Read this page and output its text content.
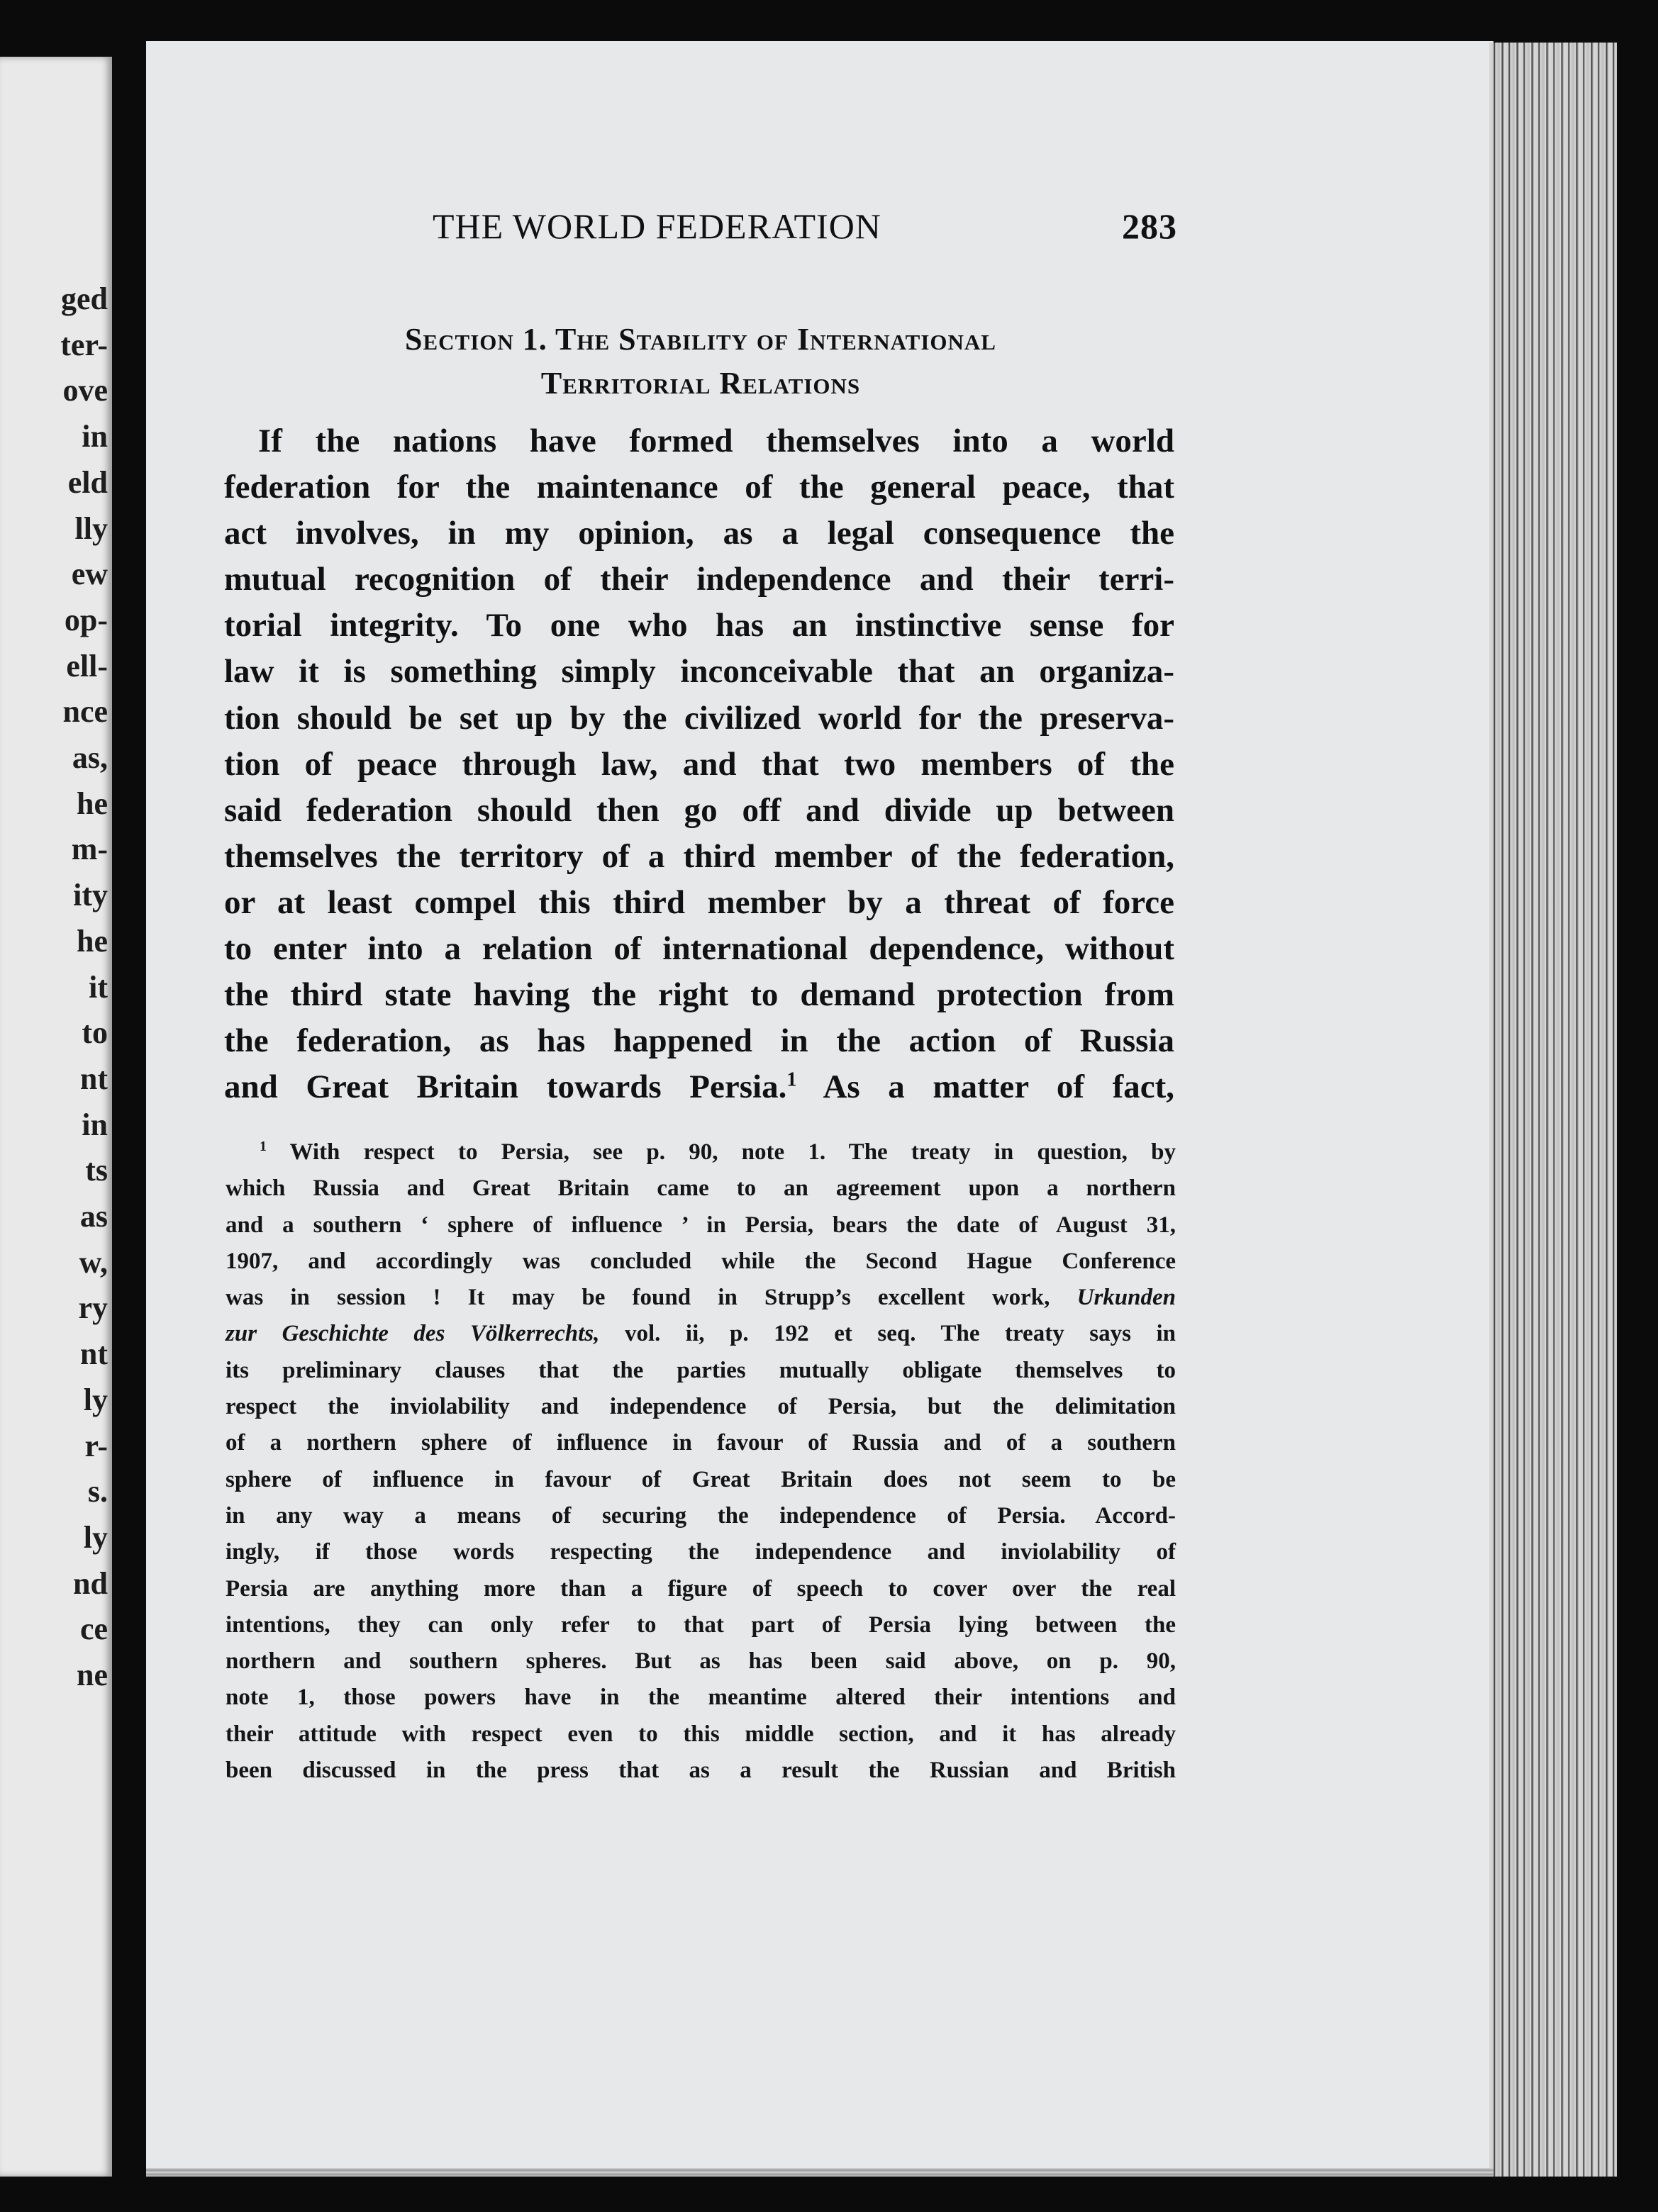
ged
ter-
ove
in
eld
lly
ew
op-
ell-
nce
as,
he
m-
ity
he
it
to
nt
in
ts
as
w,
ry
nt
ly
r-
s.
ly
nd
ce
ne
THE WORLD FEDERATION	283
Section 1. The Stability of International
Territorial Relations
If the nations have formed themselves into a world
federation for the maintenance of the general peace, that
act involves, in my opinion, as a legal consequence the
mutual recognition of their independence and their terri-
torial integrity. To one who has an instinctive sense for
law it is something simply inconceivable that an organiza-
tion should be set up by the civilized world for the preserva-
tion of peace through law, and that two members of the
said federation should then go off and divide up between
themselves the territory of a third member of the federation,
or at least compel this third member by a threat of force
to enter into a relation of international dependence, without
the third state having the right to demand protection from
the federation, as has happened in the action of Russia
and Great Britain towards Persia.$^1$ As a matter of fact,
$^1$ With respect to Persia, see p. 90, note 1. The treaty in question, by
which Russia and Great Britain came to an agreement upon a northern
and a southern ‘ sphere of influence ’ in Persia, bears the date of August 31,
1907, and accordingly was concluded while the Second Hague Conference
was in session ! It may be found in Strupp’s excellent work, Urkunden
zur Geschichte des Völkerrechts, vol. ii, p. 192 et seq. The treaty says in
its preliminary clauses that the parties mutually obligate themselves to
respect the inviolability and independence of Persia, but the delimitation
of a northern sphere of influence in favour of Russia and of a southern
sphere of influence in favour of Great Britain does not seem to be
in any way a means of securing the independence of Persia. Accord-
ingly, if those words respecting the independence and inviolability of
Persia are anything more than a figure of speech to cover over the real
intentions, they can only refer to that part of Persia lying between the
northern and southern spheres. But as has been said above, on p. 90,
note 1, those powers have in the meantime altered their intentions and
their attitude with respect even to this middle section, and it has already
been discussed in the press that as a result the Russian and British
